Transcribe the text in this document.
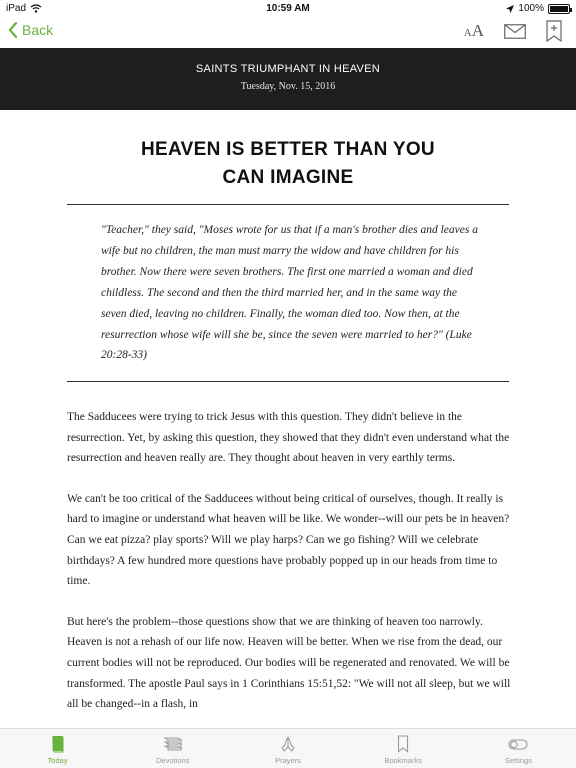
iPad	10:59 AM	100%
Back	AA
SAINTS TRIUMPHANT IN HEAVEN
Tuesday, Nov. 15, 2016
HEAVEN IS BETTER THAN YOU
CAN IMAGINE

"Teacher," they said, "Moses wrote for us that if a man's brother dies and leaves a wife but no children, the man must marry the widow and have children for his brother. Now there were seven brothers. The first one married a woman and died childless. The second and then the third married her, and in the same way the seven died, leaving no children. Finally, the woman died too. Now then, at the resurrection whose wife will she be, since the seven were married to her?" (Luke 20:28-33)

The Sadducees were trying to trick Jesus with this question. They didn't believe in the resurrection. Yet, by asking this question, they showed that they didn't even understand what the resurrection and heaven really are. They thought about heaven in very earthly terms.

We can't be too critical of the Sadducees without being critical of ourselves, though. It really is hard to imagine or understand what heaven will be like. We wonder--will our pets be in heaven? Can we eat pizza? play sports? Will we play harps? Can we go fishing? Will we celebrate birthdays? A few hundred more questions have probably popped up in our heads from time to time.

But here's the problem--those questions show that we are thinking of heaven too narrowly. Heaven is not a rehash of our life now. Heaven will be better. When we rise from the dead, our current bodies will not be reproduced. Our bodies will be regenerated and renovated. We will be transformed. The apostle Paul says in 1 Corinthians 15:51,52: "We will not all sleep, but we will all be changed--in a flash, in

Today	Devotions	Prayers	Bookmarks	Settings
